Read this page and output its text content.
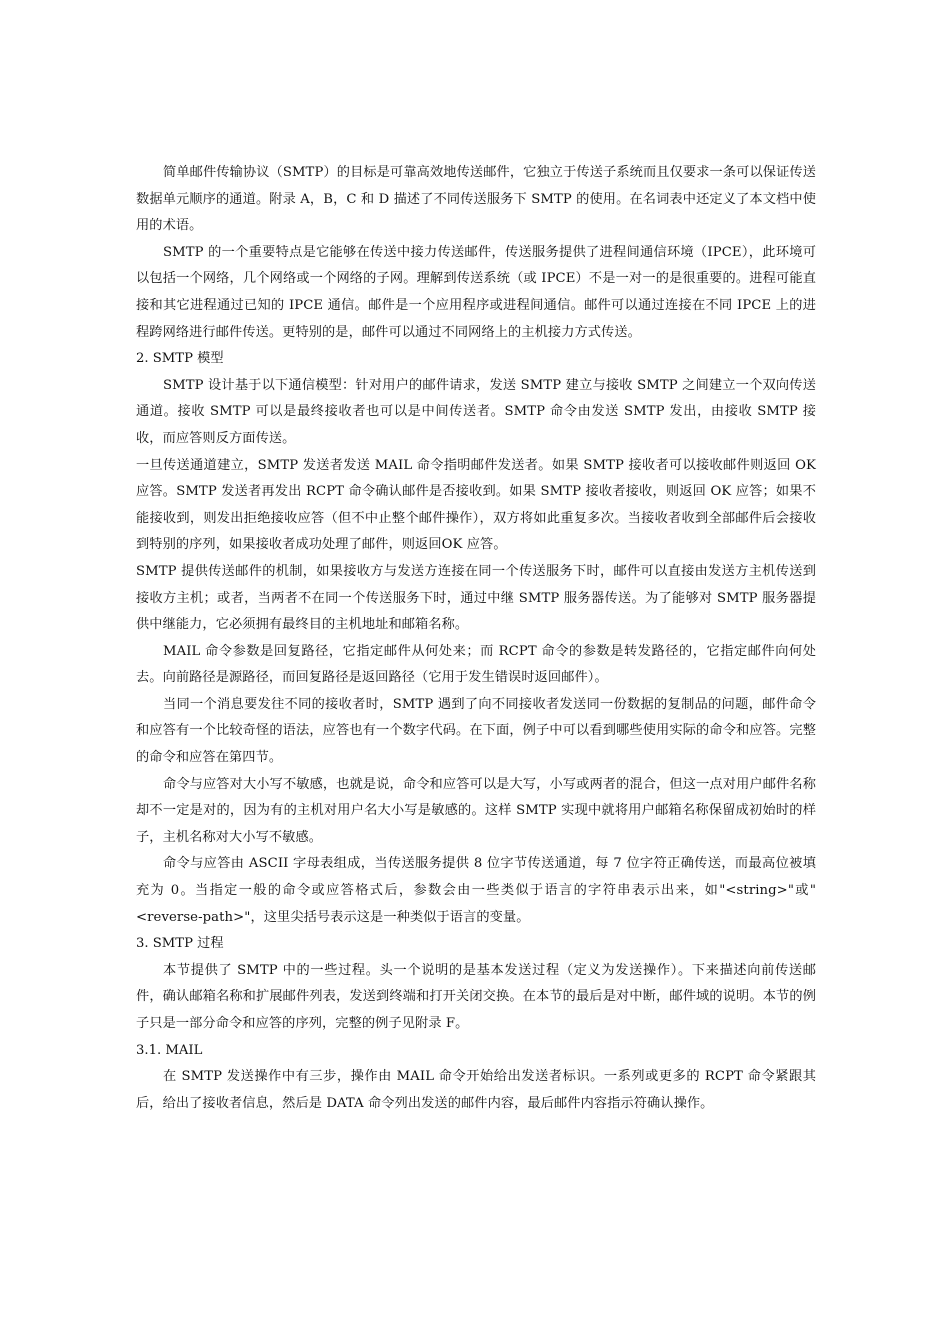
简单邮件传输协议（SMTP）的目标是可靠高效地传送邮件，它独立于传送子系统而且仅要求一条可以保证传送数据单元顺序的通道。附录 A，B，C 和 D 描述了不同传送服务下 SMTP 的使用。在名词表中还定义了本文档中使用的术语。

SMTP 的一个重要特点是它能够在传送中接力传送邮件，传送服务提供了进程间通信环境（IPCE），此环境可以包括一个网络，几个网络或一个网络的子网。理解到传送系统（或 IPCE）不是一对一的是很重要的。进程可能直接和其它进程通过已知的 IPCE 通信。邮件是一个应用程序或进程间通信。邮件可以通过连接在不同 IPCE 上的进程跨网络进行邮件传送。更特别的是，邮件可以通过不同网络上的主机接力方式传送。

2. SMTP 模型

SMTP 设计基于以下通信模型：针对用户的邮件请求，发送 SMTP 建立与接收 SMTP 之间建立一个双向传送通道。接收 SMTP 可以是最终接收者也可以是中间传送者。SMTP 命令由发送 SMTP 发出，由接收 SMTP 接收，而应答则反方面传送。

一旦传送通道建立，SMTP 发送者发送 MAIL 命令指明邮件发送者。如果 SMTP 接收者可以接收邮件则返回 OK 应答。SMTP 发送者再发出 RCPT 命令确认邮件是否接收到。如果 SMTP 接收者接收，则返回 OK 应答；如果不能接收到，则发出拒绝接收应答（但不中止整个邮件操作），双方将如此重复多次。当接收者收到全部邮件后会接收到特别的序列，如果接收者成功处理了邮件，则返回OK 应答。

SMTP 提供传送邮件的机制，如果接收方与发送方连接在同一个传送服务下时，邮件可以直接由发送方主机传送到接收方主机；或者，当两者不在同一个传送服务下时，通过中继 SMTP 服务器传送。为了能够对 SMTP 服务器提供中继能力，它必须拥有最终目的主机地址和邮箱名称。

MAIL 命令参数是回复路径，它指定邮件从何处来；而 RCPT 命令的参数是转发路径的，它指定邮件向何处去。向前路径是源路径，而回复路径是返回路径（它用于发生错误时返回邮件）。

当同一个消息要发往不同的接收者时，SMTP 遇到了向不同接收者发送同一份数据的复制品的问题，邮件命令和应答有一个比较奇怪的语法，应答也有一个数字代码。在下面，例子中可以看到哪些使用实际的命令和应答。完整的命令和应答在第四节。

命令与应答对大小写不敏感，也就是说，命令和应答可以是大写，小写或两者的混合，但这一点对用户邮件名称却不一定是对的，因为有的主机对用户名大小写是敏感的。这样 SMTP 实现中就将用户邮箱名称保留成初始时的样子，主机名称对大小写不敏感。

命令与应答由 ASCII 字母表组成，当传送服务提供 8 位字节传送通道，每 7 位字符正确传送，而最高位被填充为 0。当指定一般的命令或应答格式后，参数会由一些类似于语言的字符串表示出来，如"<string>"或"<reverse-path>"，这里尖括号表示这是一种类似于语言的变量。

3. SMTP 过程

本节提供了 SMTP 中的一些过程。头一个说明的是基本发送过程（定义为发送操作）。下来描述向前传送邮件，确认邮箱名称和扩展邮件列表，发送到终端和打开关闭交换。在本节的最后是对中断，邮件域的说明。本节的例子只是一部分命令和应答的序列，完整的例子见附录 F。

3.1. MAIL

在 SMTP 发送操作中有三步，操作由 MAIL 命令开始给出发送者标识。一系列或更多的 RCPT 命令紧跟其后，给出了接收者信息，然后是 DATA 命令列出发送的邮件内容，最后邮件内容指示符确认操作。
